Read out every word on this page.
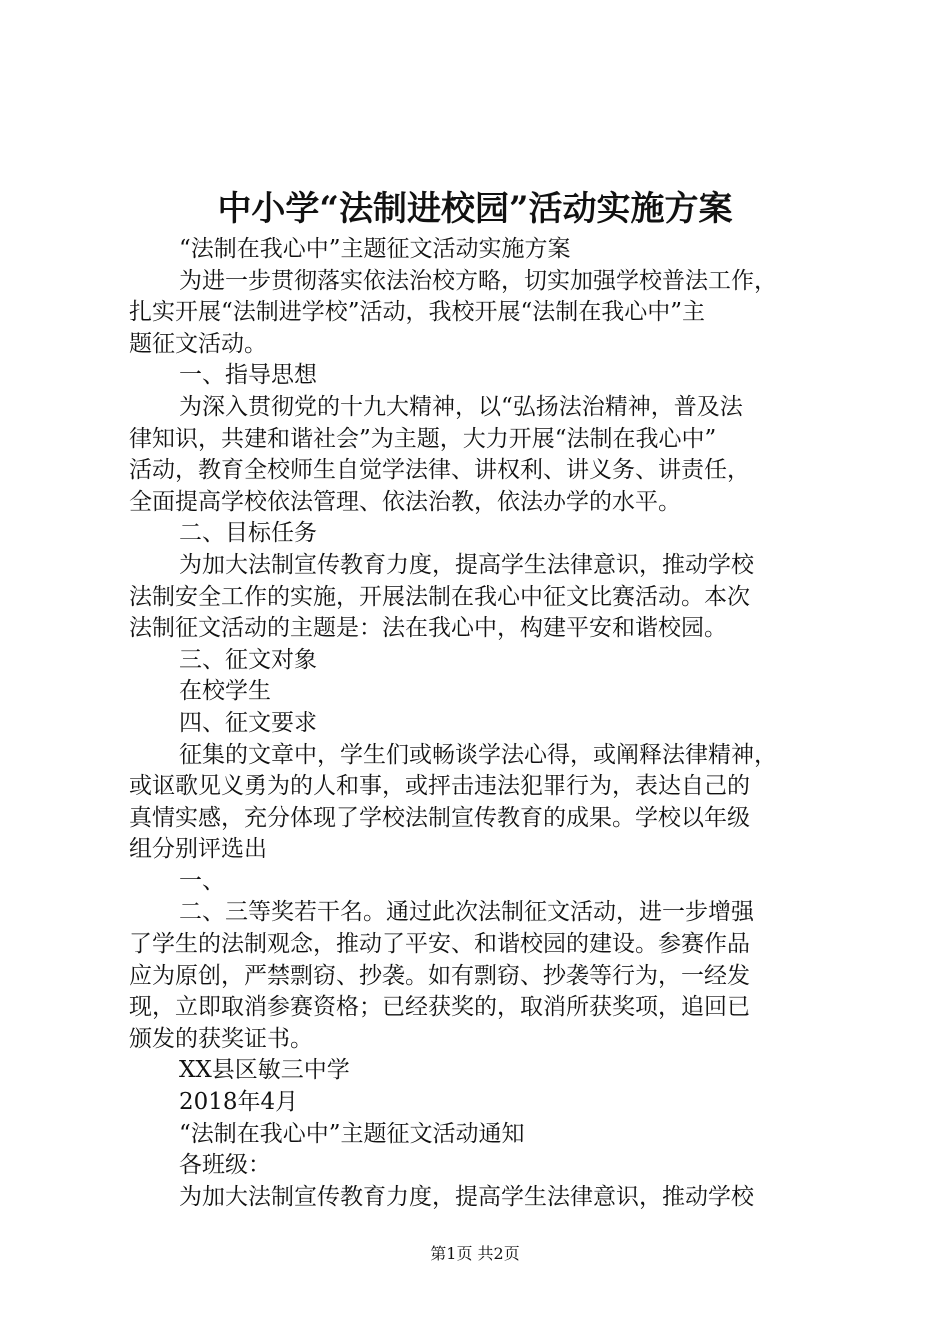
中小学“法制进校园”活动实施方案
“法制在我心中”主题征文活动实施方案
为进一步贯彻落实依法治校方略，切实加强学校普法工作，
扎实开展“法制进学校”活动，我校开展“法制在我心中”主
题征文活动。
一、指导思想
为深入贯彻党的十九大精神，以“弘扬法治精神，普及法
律知识，共建和谐社会”为主题，大力开展“法制在我心中”
活动，教育全校师生自觉学法律、讲权利、讲义务、讲责任，
全面提高学校依法管理、依法治教，依法办学的水平。
二、目标任务
为加大法制宣传教育力度，提高学生法律意识，推动学校
法制安全工作的实施，开展法制在我心中征文比赛活动。本次
法制征文活动的主题是：法在我心中，构建平安和谐校园。
三、征文对象
在校学生
四、征文要求
征集的文章中，学生们或畅谈学法心得，或阐释法律精神，
或讴歌见义勇为的人和事，或抨击违法犯罪行为，表达自己的
真情实感，充分体现了学校法制宣传教育的成果。学校以年级
组分别评选出
一、
二、三等奖若干名。通过此次法制征文活动，进一步增强
了学生的法制观念，推动了平安、和谐校园的建设。参赛作品
应为原创，严禁剽窃、抄袭。如有剽窃、抄袭等行为，一经发
现，立即取消参赛资格；已经获奖的，取消所获奖项，追回已
颁发的获奖证书。
XX县区敏三中学
2018年4月
“法制在我心中”主题征文活动通知
各班级：
为加大法制宣传教育力度，提高学生法律意识，推动学校
第1页 共2页
